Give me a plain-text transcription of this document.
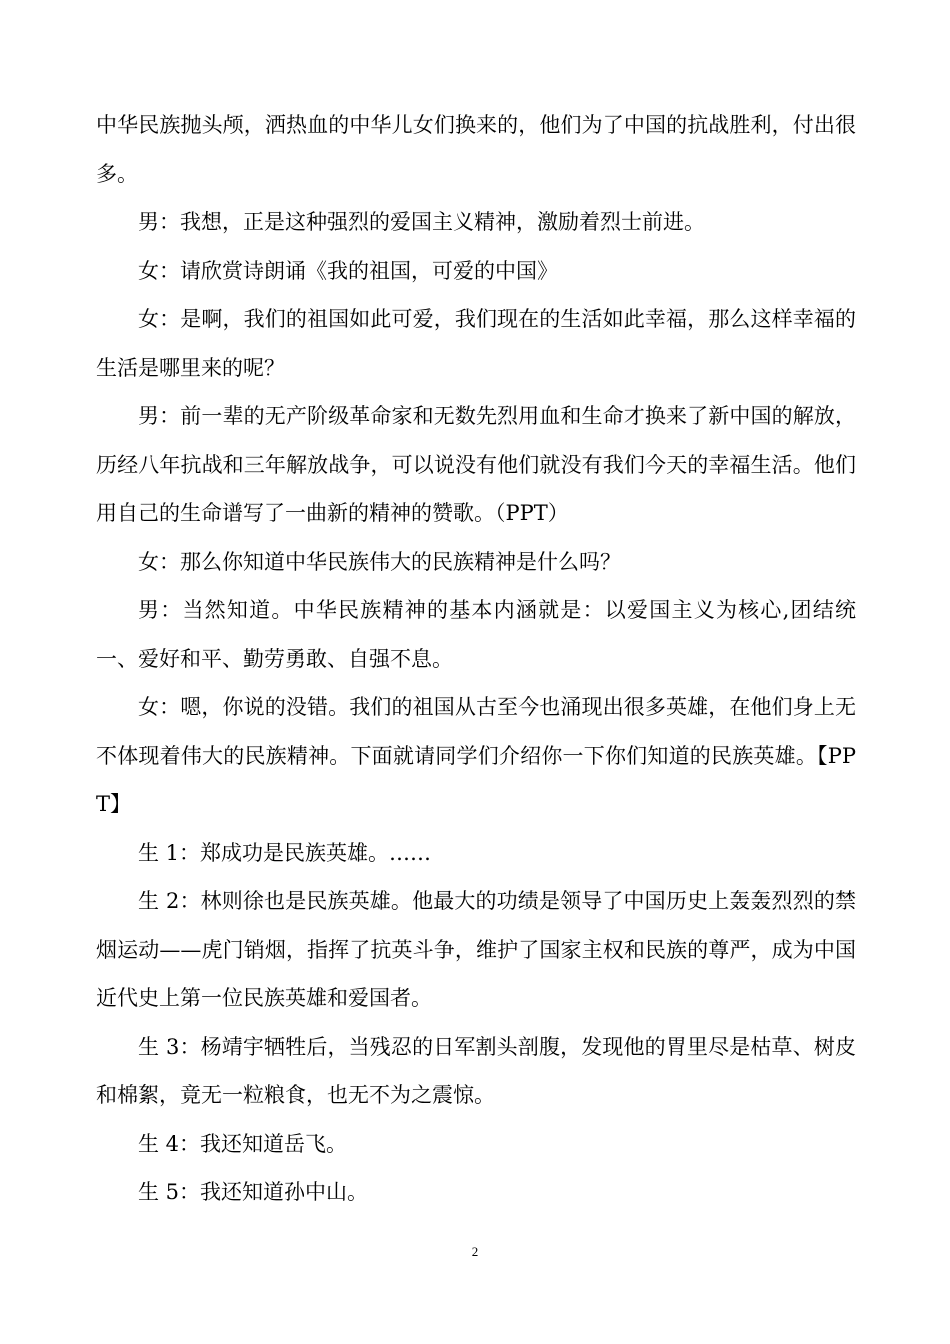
中华民族抛头颅，洒热血的中华儿女们换来的，他们为了中国的抗战胜利，付出很多。

男：我想，正是这种强烈的爱国主义精神，激励着烈士前进。

女：请欣赏诗朗诵《我的祖国，可爱的中国》

女：是啊，我们的祖国如此可爱，我们现在的生活如此幸福，那么这样幸福的生活是哪里来的呢？

男：前一辈的无产阶级革命家和无数先烈用血和生命才换来了新中国的解放，历经八年抗战和三年解放战争，可以说没有他们就没有我们今天的幸福生活。他们用自己的生命谱写了一曲新的精神的赞歌。（PPT）

女：那么你知道中华民族伟大的民族精神是什么吗？

男：当然知道。中华民族精神的基本内涵就是：以爱国主义为核心,团结统一、爱好和平、勤劳勇敢、自强不息。

女：嗯，你说的没错。我们的祖国从古至今也涌现出很多英雄，在他们身上无不体现着伟大的民族精神。下面就请同学们介绍你一下你们知道的民族英雄。【PPT】

生 1：郑成功是民族英雄。……

生 2：林则徐也是民族英雄。他最大的功绩是领导了中国历史上轰轰烈烈的禁烟运动——虎门销烟，指挥了抗英斗争，维护了国家主权和民族的尊严，成为中国近代史上第一位民族英雄和爱国者。

生 3：杨靖宇牺牲后，当残忍的日军割头剖腹，发现他的胃里尽是枯草、树皮和棉絮，竟无一粒粮食，也无不为之震惊。

生 4：我还知道岳飞。

生 5：我还知道孙中山。

2
